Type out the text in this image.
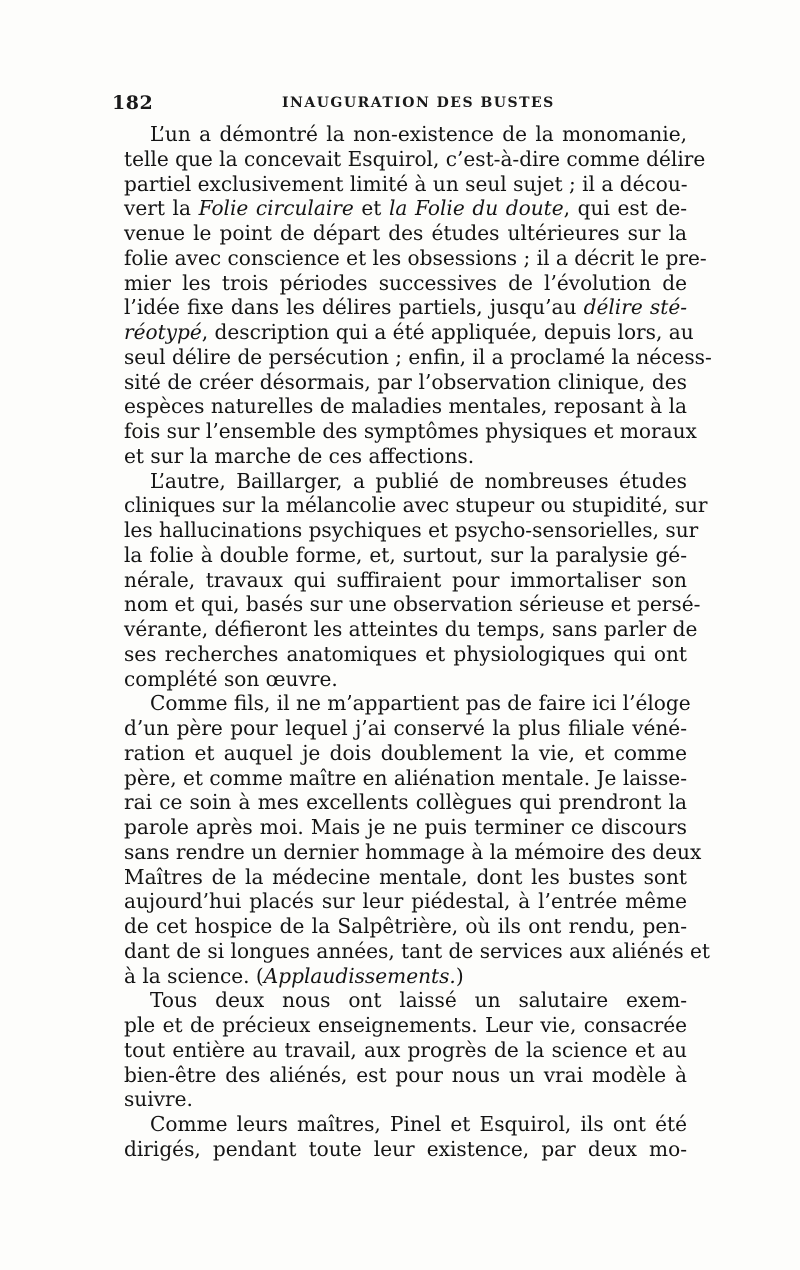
182	INAUGURATION DES BUSTES
L’un a démontré la non-existence de la monomanie,
telle que la concevait Esquirol, c’est-à-dire comme délire
partiel exclusivement limité à un seul sujet ; il a décou-
vert la Folie circulaire et la Folie du doute, qui est de-
venue le point de départ des études ultérieures sur la
folie avec conscience et les obsessions ; il a décrit le pre-
mier les trois périodes successives de l’évolution de
l’idée fixe dans les délires partiels, jusqu’au délire sté-
réotypé, description qui a été appliquée, depuis lors, au
seul délire de persécution ; enfin, il a proclamé la nécess-
sité de créer désormais, par l’observation clinique, des
espèces naturelles de maladies mentales, reposant à la
fois sur l’ensemble des symptômes physiques et moraux
et sur la marche de ces affections.
L’autre, Baillarger, a publié de nombreuses études
cliniques sur la mélancolie avec stupeur ou stupidité, sur
les hallucinations psychiques et psycho-sensorielles, sur
la folie à double forme, et, surtout, sur la paralysie gé-
nérale, travaux qui suffiraient pour immortaliser son
nom et qui, basés sur une observation sérieuse et persé-
vérante, défieront les atteintes du temps, sans parler de
ses recherches anatomiques et physiologiques qui ont
complété son œuvre.
Comme fils, il ne m’appartient pas de faire ici l’éloge
d’un père pour lequel j’ai conservé la plus filiale véné-
ration et auquel je dois doublement la vie, et comme
père, et comme maître en aliénation mentale. Je laisse-
rai ce soin à mes excellents collègues qui prendront la
parole après moi. Mais je ne puis terminer ce discours
sans rendre un dernier hommage à la mémoire des deux
Maîtres de la médecine mentale, dont les bustes sont
aujourd’hui placés sur leur piédestal, à l’entrée même
de cet hospice de la Salpêtrière, où ils ont rendu, pen-
dant de si longues années, tant de services aux aliénés et
à la science. (Applaudissements.)
Tous deux nous ont laissé un salutaire exem-
ple et de précieux enseignements. Leur vie, consacrée
tout entière au travail, aux progrès de la science et au
bien-être des aliénés, est pour nous un vrai modèle à
suivre.
Comme leurs maîtres, Pinel et Esquirol, ils ont été
dirigés, pendant toute leur existence, par deux mo-
